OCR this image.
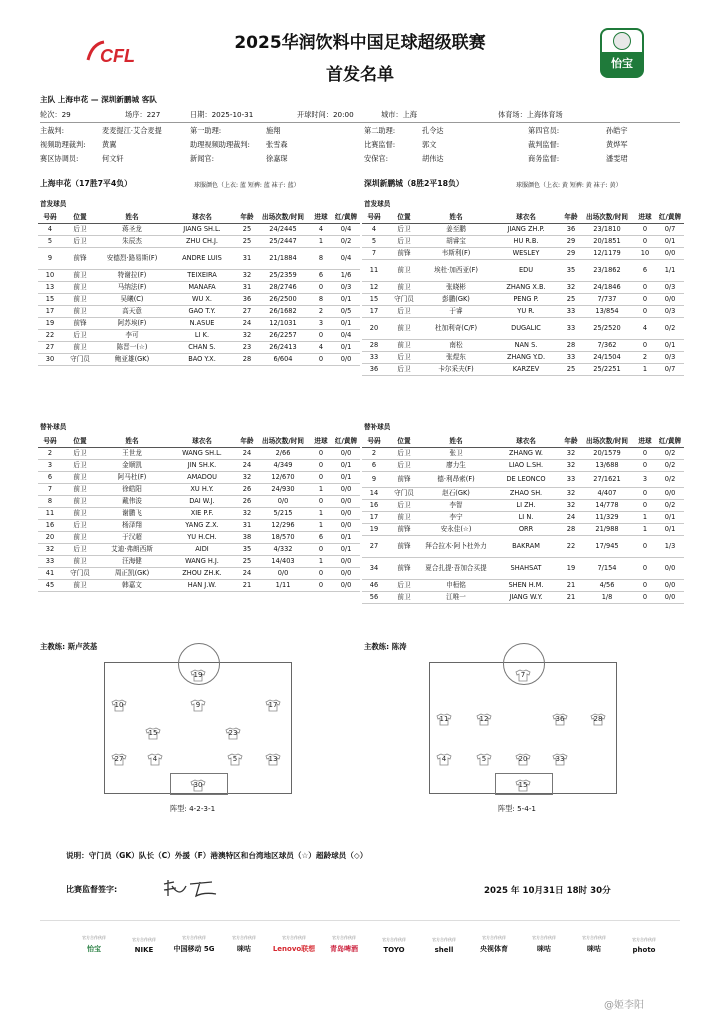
CFL
2025华润饮料中国足球超级联赛
首发名单
怡宝
主队 上海申花 — 深圳新鹏城 客队
轮次：29	场序：227	日期：2025-10-31	开球时间：20:00	城市：上海	体育场：上海体育场
主裁判:	麦麦提江·艾合麦提	第一助理:	施翔	第二助理:	孔令达	第四官员:	孙皓宇
视频助理裁判: 黄翼	助理视频助理裁判: 张雪森	比赛监督:	郭文	裁判监督:	黄烨军
赛区协调员:	何文轩	新闻官:	徐嘉琛	安保官:	胡伟达	商务监督:	潘雯珺
上海申花（17胜7平4负）	球服颜色（上衣: 蓝 短裤: 蓝 袜子: 蓝）	深圳新鹏城（8胜2平18负）	球服颜色（上衣: 黄 短裤: 黄 袜子: 黄）
首发球员	首发球员
号码	位置	姓名	球衣名	年龄	出场次数/时间	进球	红/黄牌
4	后卫	蒋圣龙	JIANG SH.L.	25	24/2445	4	0/4
5	后卫	朱辰杰	ZHU CH.J.	25	25/2447	1	0/2
9	前锋	安德烈·路易斯(F)	ANDRE LUIS	31	21/1884	8	0/4
10	前卫	特谢拉(F)	TEIXEIRA	32	25/2359	6	1/6
13	前卫	马纳法(F)	MANAFA	31	28/2746	0	0/3
15	前卫	吴曦(C)	WU X.	36	26/2500	8	0/1
17	前卫	高天意	GAO T.Y.	27	26/1682	2	0/5
19	前锋	阿苏埃(F)	N.ASUE	24	12/1031	3	0/1
22	后卫	李可	LI K.	32	26/2257	0	0/4
27	前卫	陈晋一(☆)	CHAN S.	23	26/2413	4	0/1
30	守门员	鲍亚雄(GK)	BAO Y.X.	28	6/604	0	0/0
号码	位置	姓名	球衣名	年龄	出场次数/时间	进球	红/黄牌
4	后卫	姜至鹏	JIANG ZH.P.	36	23/1810	0	0/7
5	后卫	胡睿宝	HU R.B.	29	20/1851	0	0/1
7	前锋	韦斯利(F)	WESLEY	29	12/1179	10	0/0
11	前卫	埃杜·加西亚(F)	EDU	35	23/1862	6	1/1
12	前卫	张晓彬	ZHANG X.B.	32	24/1846	0	0/3
15	守门员	彭鹏(GK)	PENG P.	25	7/737	0	0/0
17	后卫	于睿	YU R.	33	13/854	0	0/3
20	前卫	杜加利奇(C/F)	DUGALIC	33	25/2520	4	0/2
28	前卫	南松	NAN S.	28	7/362	0	0/1
33	后卫	张煜东	ZHANG Y.D.	33	24/1504	2	0/3
36	后卫	卡尔采夫(F)	KARZEV	25	25/2251	1	0/7
替补球员	替补球员
号码	位置	姓名	球衣名	年龄	出场次数/时间	进球	红/黄牌
2	后卫	王世龙	WANG SH.L.	24	2/66	0	0/0
3	后卫	金顺凯	JIN SH.K.	24	4/349	0	0/1
6	前卫	阿马杜(F)	AMADOU	32	12/670	0	0/1
7	前卫	徐皓阳	XU H.Y.	26	24/930	1	0/0
8	前卫	戴伟浚	DAI W.J.	26	0/0	0	0/0
11	前卫	谢鹏飞	XIE P.F.	32	5/215	1	0/0
16	后卫	杨泽翔	YANG Z.X.	31	12/296	1	0/0
20	前卫	于汉超	YU H.CH.	38	18/570	6	0/1
32	后卫	艾迪·弗朗西斯	AIDI	35	4/332	0	0/1
33	前卫	汪海健	WANG H.J.	25	14/403	1	0/0
41	守门员	周正凯(GK)	ZHOU ZH.K.	24	0/0	0	0/0
45	前卫	韩嘉文	HAN J.W.	21	1/11	0	0/0
号码	位置	姓名	球衣名	年龄	出场次数/时间	进球	红/黄牌
2	后卫	张卫	ZHANG W.	32	20/1579	0	0/2
6	后卫	廖力生	LIAO L.SH.	32	13/688	0	0/2
9	前锋	德·利昂索(F)	DE LEONCO	33	27/1621	3	0/2
14	守门员	赵石(GK)	ZHAO SH.	32	4/407	0	0/0
16	后卫	李智	LI ZH.	32	14/778	0	0/2
17	前卫	李宁	LI N.	24	11/329	1	0/1
19	前锋	安永佳(☆)	ORR	28	21/988	1	0/1
27	前锋	拜合拉木·阿卜杜外力	BAKRAM	22	17/945	0	1/3
34	前锋	夏合扎提·吾加合买提	SHAHSAT	19	7/154	0	0/0
46	后卫	申桓铭	SHEN H.M.	21	4/56	0	0/0
56	前卫	江唯一	JIANG W.Y.	21	1/8	0	0/0
主教练: 斯卢茨基	主教练: 陈涛
19
10	9	17
15	23
27	4	5	13
30
7
11	12	36	28
4	5	20	33
15
阵型: 4-2-3-1	阵型: 5-4-1
说明：守门员（GK）队长（C）外援（F）港澳特区和台湾地区球员（☆）超龄球员（◇）
比赛监督签字:	2025 年 10月31日 18时 30分
官方合作伙伴
怡宝
官方合作伙伴
NIKE
官方合作伙伴
中国移动 5G
官方合作伙伴
咪咕
官方合作伙伴
Lenovo联想
官方合作伙伴
青岛啤酒
官方合作伙伴
TOYO
官方合作伙伴
shell
官方合作伙伴
央视体育
官方合作伙伴
咪咕
官方合作伙伴
咪咕
官方合作伙伴
photo
@姬李阳
